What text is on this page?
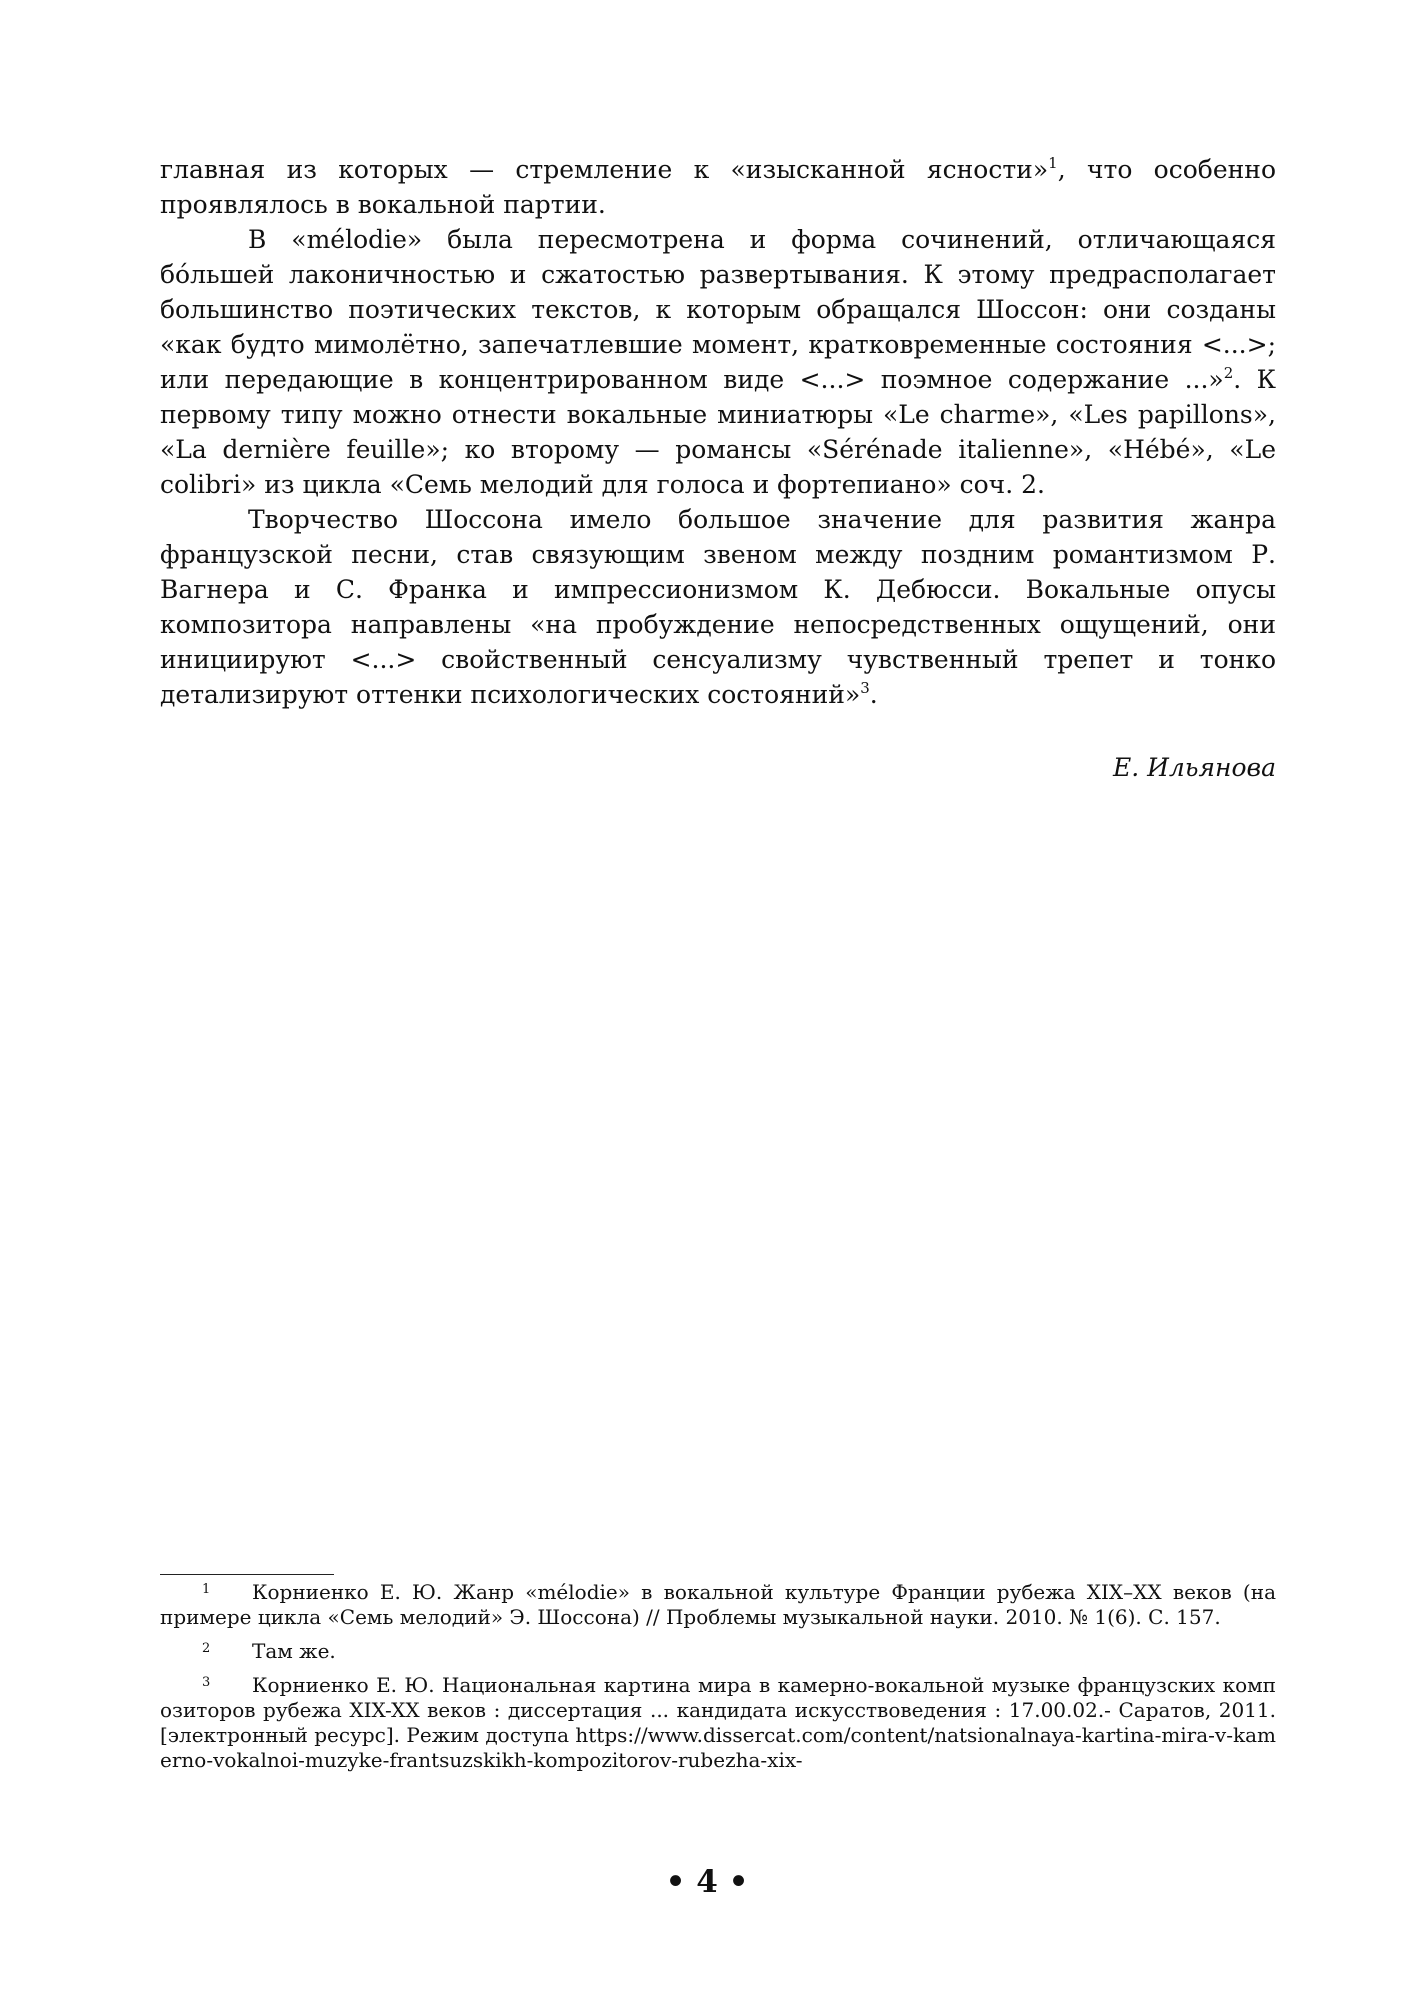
главная из которых — стремление к «изысканной ясности»$^1$, что особенно проявлялось в вокальной партии.

В «mélodie» была пересмотрена и форма сочинений, отличающаяся бóльшей лаконичностью и сжатостью развертывания. К этому предрасполагает большинство поэтических текстов, к которым обращался Шоссон: они созданы «как будто мимолётно, запечатлевшие момент, кратковременные состояния <...>; или передающие в концентрированном виде <...> поэмное содержание ...»$^2$. К первому типу можно отнести вокальные миниатюры «Le charme», «Les papillons», «La dernière feuille»; ко второму — романсы «Sérénade italienne», «Hébé», «Le colibri» из цикла «Семь мелодий для голоса и фортепиано» соч. 2.

Творчество Шоссона имело большое значение для развития жанра французской песни, став связующим звеном между поздним романтизмом Р. Вагнера и С. Франка и импрессионизмом К. Дебюсси. Вокальные опусы композитора направлены «на пробуждение непосредственных ощущений, они инициируют <...> свойственный сенсуализму чувственный трепет и тонко детализируют оттенки психологических состояний»$^3$.

Е. Ильянова

1 Корниенко Е. Ю. Жанр «mélodie» в вокальной культуре Франции рубежа XIX–XX веков (на примере цикла «Семь мелодий» Э. Шоссона) // Проблемы музыкальной науки. 2010. № 1(6). С. 157.

2 Там же.

3 Корниенко Е. Ю. Национальная картина мира в камерно-вокальной музыке французских композиторов рубежа XIX-XX веков : диссертация ... кандидата искусствоведения : 17.00.02.- Саратов, 2011. [электронный ресурс]. Режим доступа https://www.dissercat.com/content/natsionalnaya-kartina-mira-v-kamerno-vokalnoi-muzyke-frantsuzskikh-kompozitorov-rubezha-xix-

• 4 •
